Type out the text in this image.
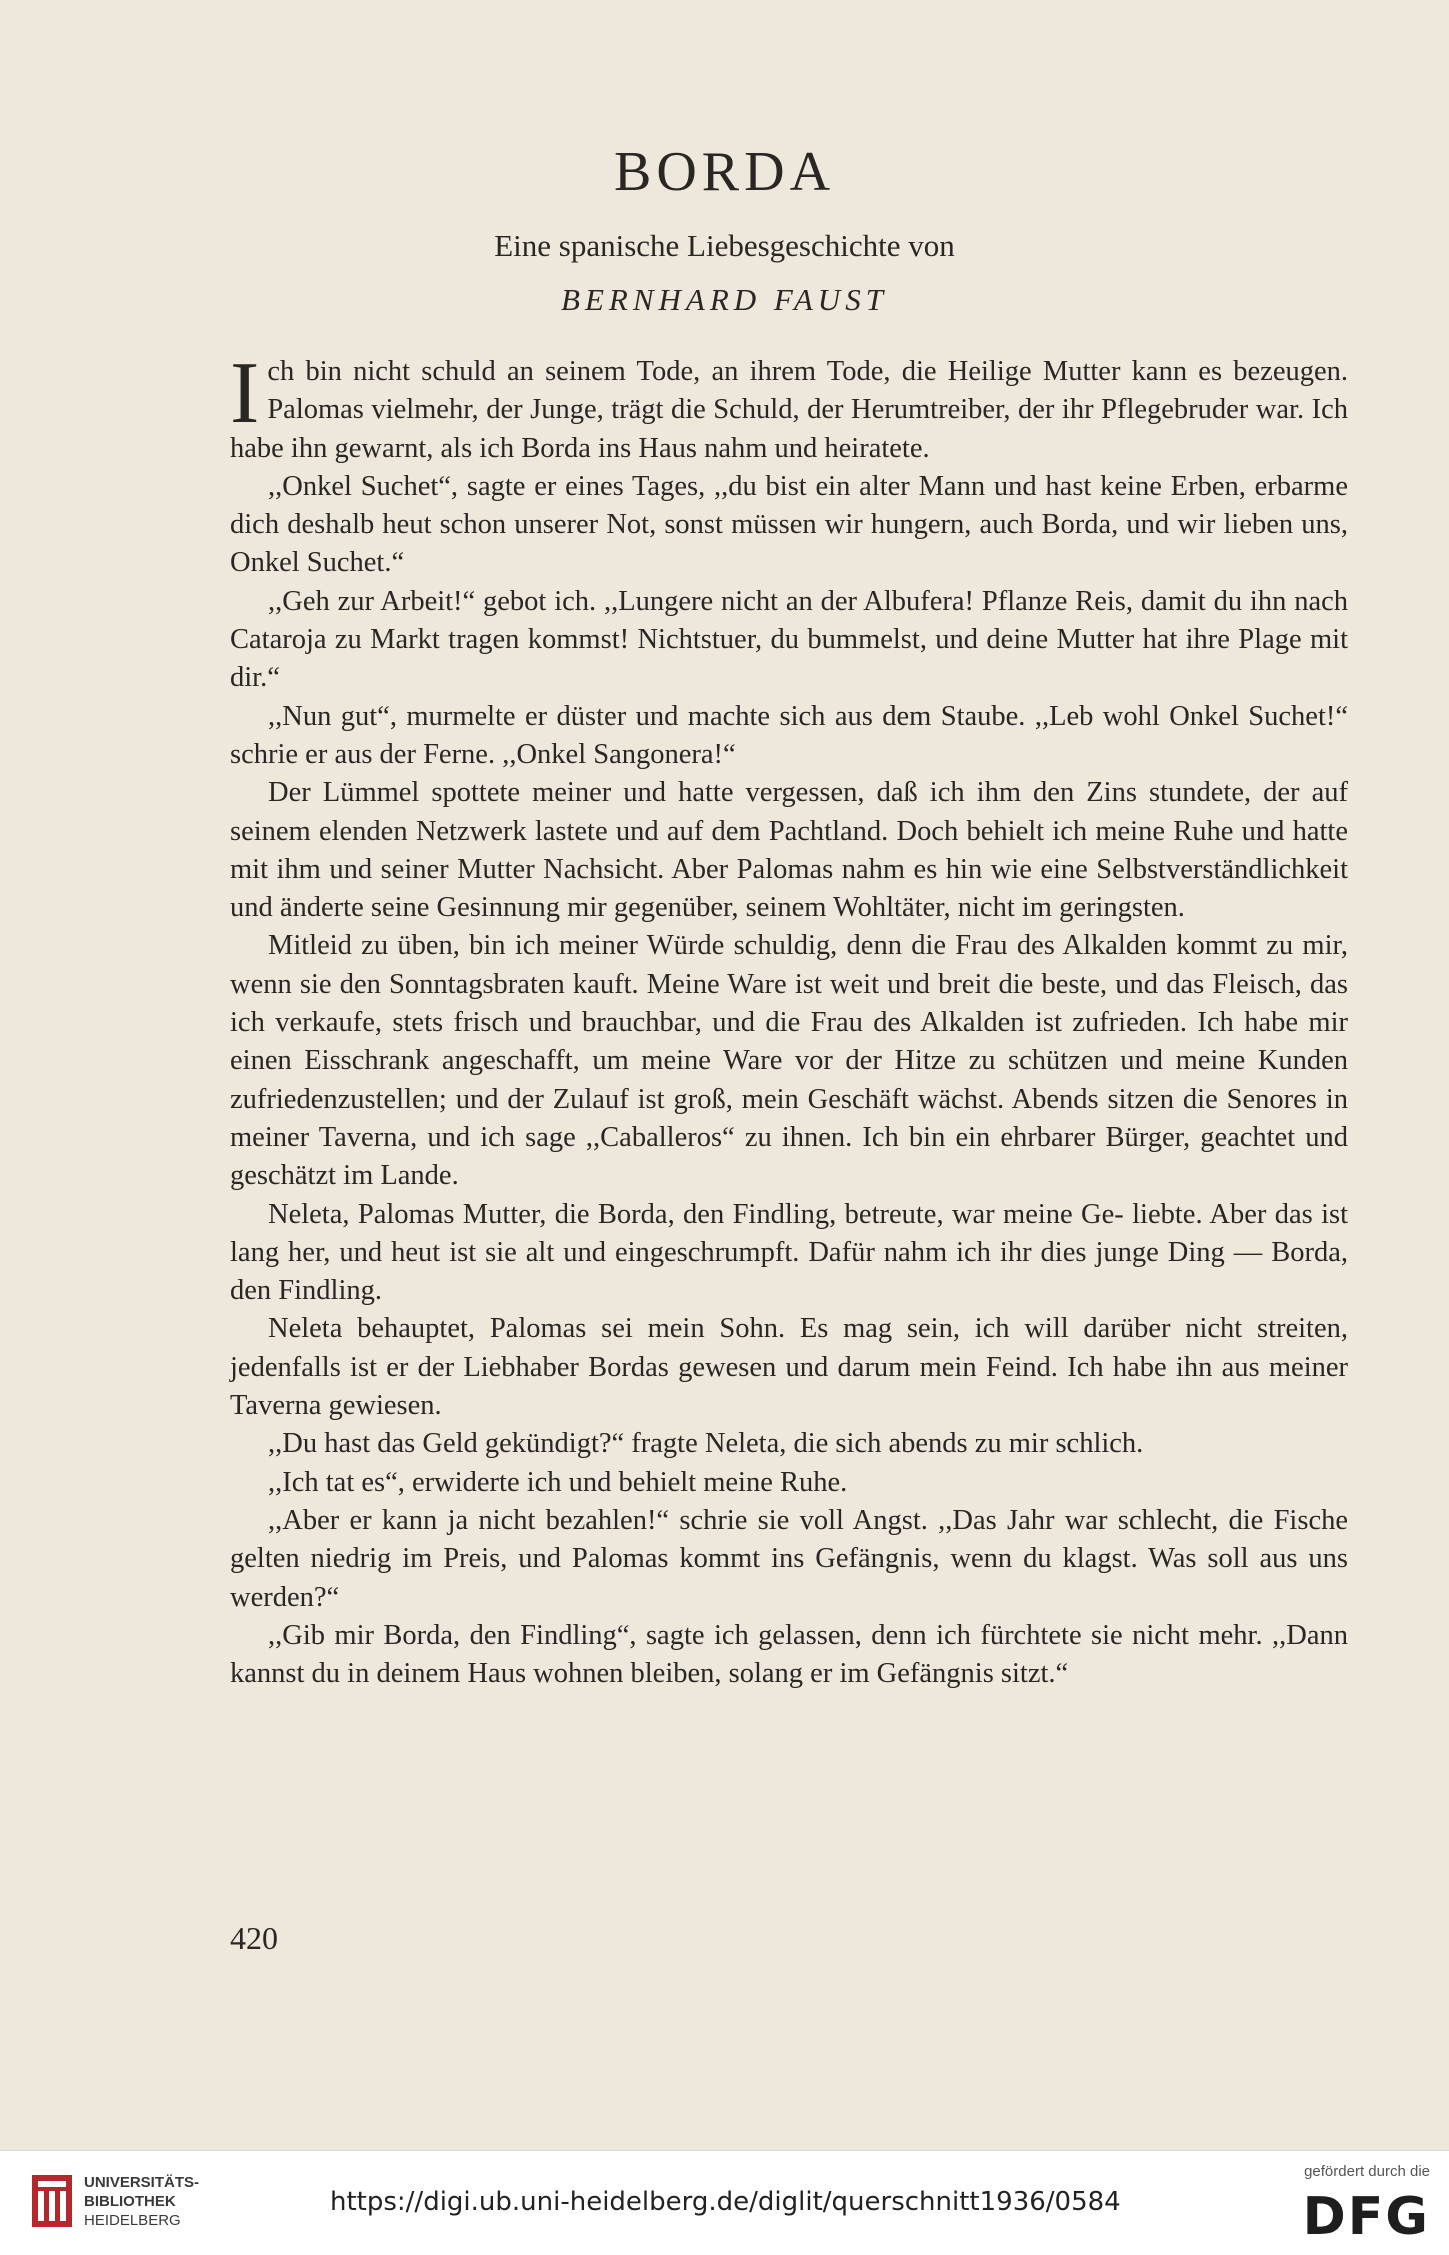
BORDA
Eine spanische Liebesgeschichte von
BERNHARD FAUST

Ich bin nicht schuld an seinem Tode, an ihrem Tode, die Heilige Mutter kann es bezeugen. Palomas vielmehr, der Junge, trägt die Schuld, der Herumtreiber, der ihr Pflegebruder war. Ich habe ihn gewarnt, als ich Borda ins Haus nahm und heiratete.

,,Onkel Suchet“, sagte er eines Tages, ,,du bist ein alter Mann und hast keine Erben, erbarme dich deshalb heut schon unserer Not, sonst müssen wir hungern, auch Borda, und wir lieben uns, Onkel Suchet.“

,,Geh zur Arbeit!“ gebot ich. ,,Lungere nicht an der Albufera! Pflanze Reis, damit du ihn nach Cataroja zu Markt tragen kommst! Nichtstuer, du bummelst, und deine Mutter hat ihre Plage mit dir.“

,,Nun gut“, murmelte er düster und machte sich aus dem Staube. ,,Leb wohl Onkel Suchet!“ schrie er aus der Ferne. ,,Onkel Sangonera!“

Der Lümmel spottete meiner und hatte vergessen, daß ich ihm den Zins stundete, der auf seinem elenden Netzwerk lastete und auf dem Pachtland. Doch behielt ich meine Ruhe und hatte mit ihm und seiner Mutter Nachsicht. Aber Palomas nahm es hin wie eine Selbstverständlichkeit und änderte seine Gesinnung mir gegenüber, seinem Wohltäter, nicht im geringsten.

Mitleid zu üben, bin ich meiner Würde schuldig, denn die Frau des Alkalden kommt zu mir, wenn sie den Sonntagsbraten kauft. Meine Ware ist weit und breit die beste, und das Fleisch, das ich verkaufe, stets frisch und brauchbar, und die Frau des Alkalden ist zufrieden. Ich habe mir einen Eisschrank angeschafft, um meine Ware vor der Hitze zu schützen und meine Kunden zufriedenzustellen; und der Zulauf ist groß, mein Geschäft wächst. Abends sitzen die Senores in meiner Taverna, und ich sage ,,Caballeros“ zu ihnen. Ich bin ein ehrbarer Bürger, geachtet und geschätzt im Lande.

Neleta, Palomas Mutter, die Borda, den Findling, betreute, war meine Ge- liebte. Aber das ist lang her, und heut ist sie alt und eingeschrumpft. Dafür nahm ich ihr dies junge Ding — Borda, den Findling.

Neleta behauptet, Palomas sei mein Sohn. Es mag sein, ich will darüber nicht streiten, jedenfalls ist er der Liebhaber Bordas gewesen und darum mein Feind. Ich habe ihn aus meiner Taverna gewiesen.

,,Du hast das Geld gekündigt?“ fragte Neleta, die sich abends zu mir schlich.

,,Ich tat es“, erwiderte ich und behielt meine Ruhe.

,,Aber er kann ja nicht bezahlen!“ schrie sie voll Angst. ,,Das Jahr war schlecht, die Fische gelten niedrig im Preis, und Palomas kommt ins Gefängnis, wenn du klagst. Was soll aus uns werden?“

,,Gib mir Borda, den Findling“, sagte ich gelassen, denn ich fürchtete sie nicht mehr. ,,Dann kannst du in deinem Haus wohnen bleiben, solang er im Gefängnis sitzt.“

420
UNIVERSITÄTS-
BIBLIOTHEK
HEIDELBERG
https://digi.ub.uni-heidelberg.de/diglit/querschnitt1936/0584
gefördert durch die
DFG
